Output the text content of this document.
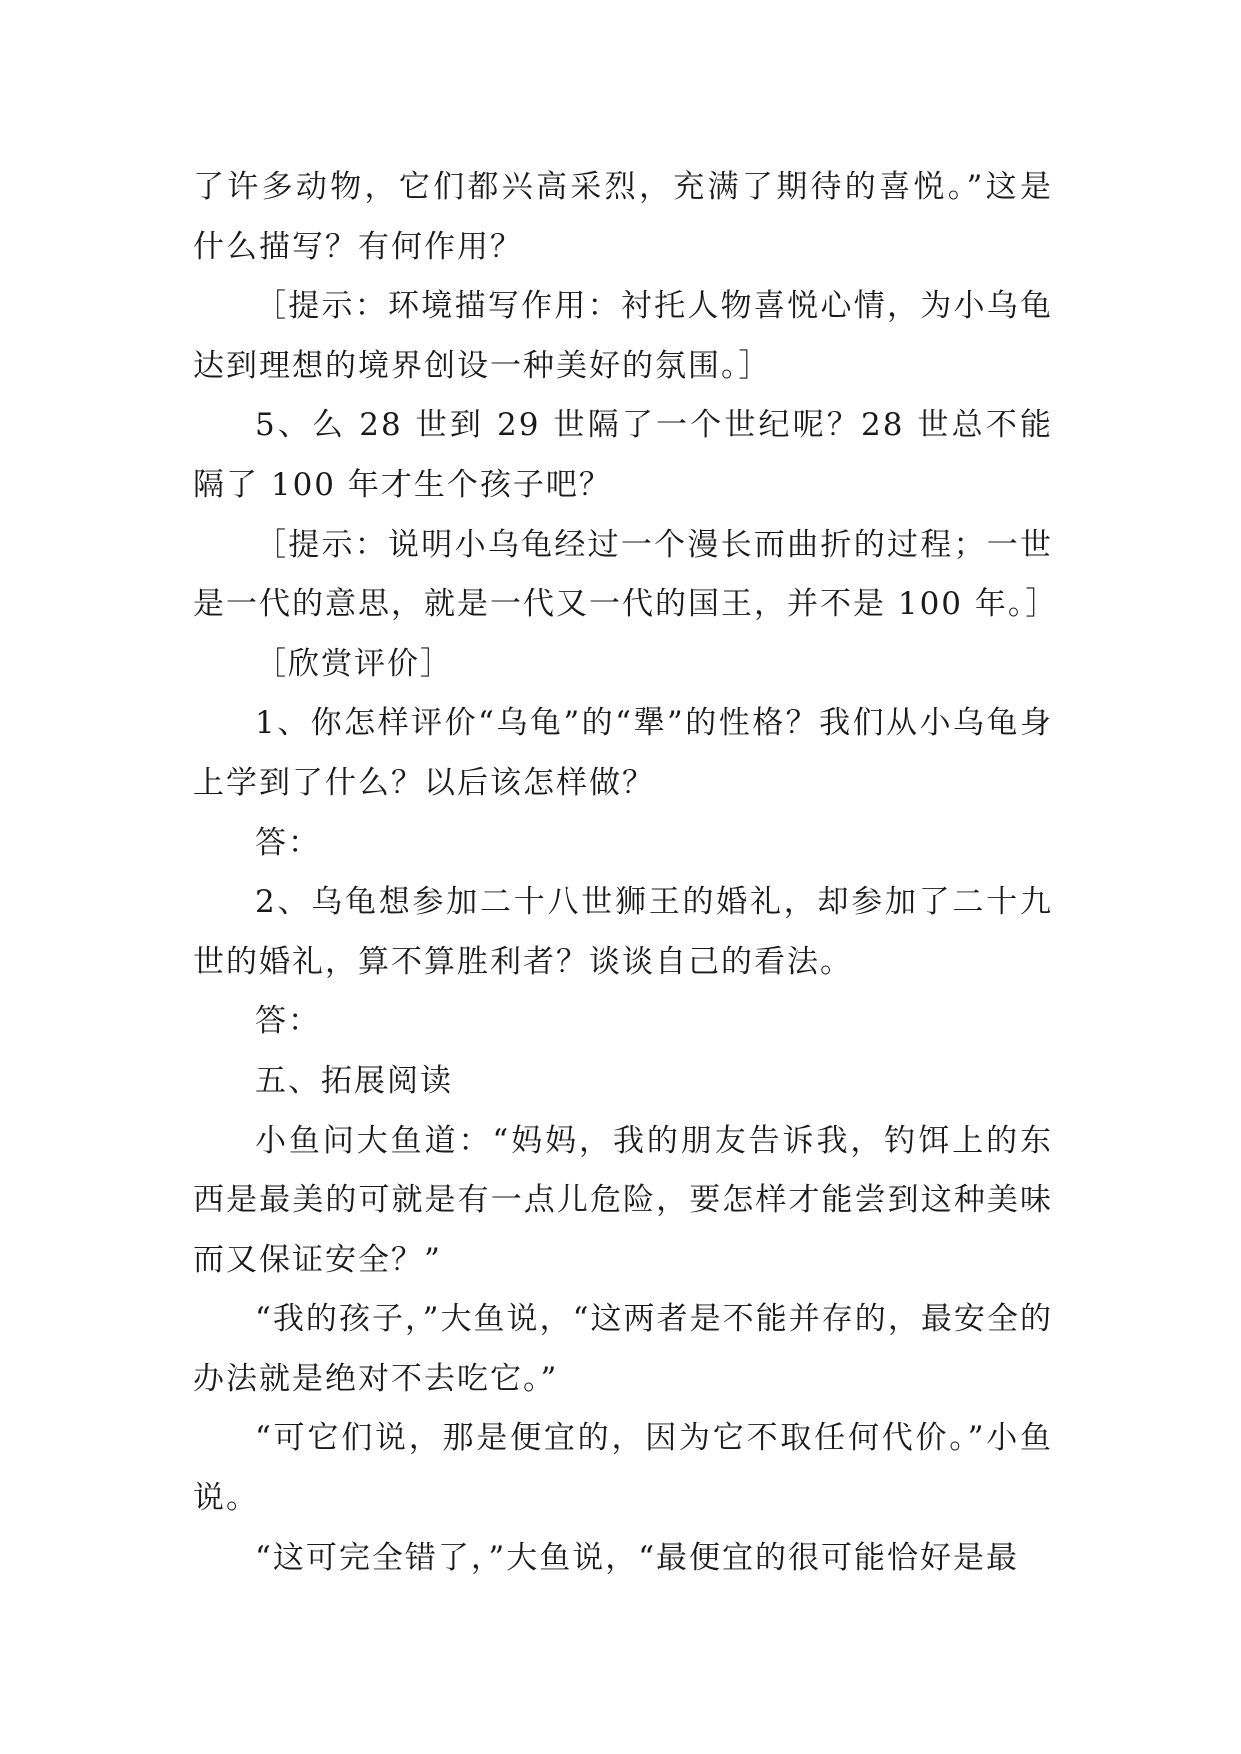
了许多动物，它们都兴高采烈，充满了期待的喜悦。”这是什么描写？有何作用？

［提示：环境描写作用：衬托人物喜悦心情，为小乌龟达到理想的境界创设一种美好的氛围。］

5、么 28 世到 29 世隔了一个世纪呢？28 世总不能隔了 100 年才生个孩子吧？

［提示：说明小乌龟经过一个漫长而曲折的过程；一世是一代的意思，就是一代又一代的国王，并不是 100 年。］

［欣赏评价］

1、你怎样评价“乌龟”的“犟”的性格？我们从小乌龟身上学到了什么？以后该怎样做？

答：

2、乌龟想参加二十八世狮王的婚礼，却参加了二十九世的婚礼，算不算胜利者？谈谈自己的看法。

答：

五、拓展阅读

小鱼问大鱼道：“妈妈，我的朋友告诉我，钓饵上的东西是最美的可就是有一点儿危险，要怎样才能尝到这种美味而又保证安全？”

“我的孩子，”大鱼说，“这两者是不能并存的，最安全的办法就是绝对不去吃它。”

“可它们说，那是便宜的，因为它不取任何代价。”小鱼说。

“这可完全错了，”大鱼说，“最便宜的很可能恰好是最
